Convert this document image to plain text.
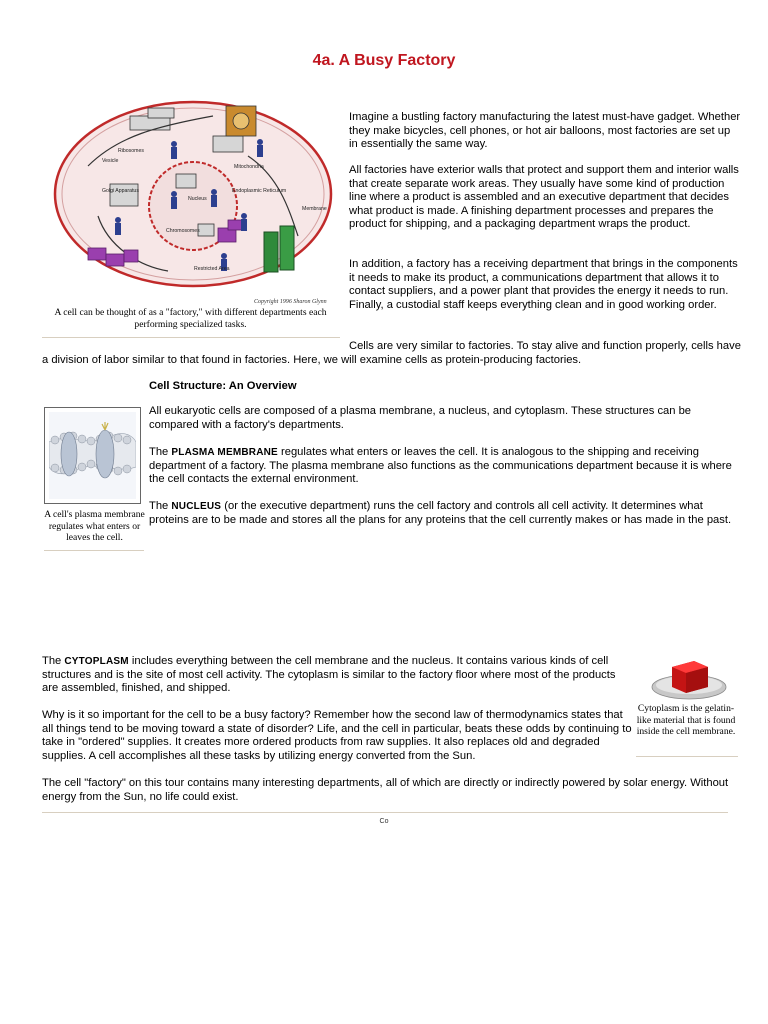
4a. A Busy Factory
Ribosomes
Mitochondria
Golgi Apparatus
Nucleus
Endoplasmic Reticulum
Membrane
Chromosomes
Restricted Area
Vesicle
Copyright 1996 Sharon Glynn

A cell can be thought of as a "factory," with different departments each performing specialized tasks.

Imagine a bustling factory manufacturing the latest must-have gadget. Whether they make bicycles, cell phones, or hot air balloons, most factories are set up in essentially the same way.

All factories have exterior walls that protect and support them and interior walls that create separate work areas. They usually have some kind of production line where a product is assembled and an executive department that decides what product is made. A finishing department processes and prepares the product for shipping, and a packaging department wraps the product.

In addition, a factory has a receiving department that brings in the components it needs to make its product, a communications department that allows it to contact suppliers, and a power plant that provides the energy it needs to run. Finally, a custodial staff keeps everything clean and in good working order.

Cells are very similar to factories. To stay alive and function properly, cells have a division of labor similar to that found in factories. Here, we will examine cells as protein-producing factories.

Cell Structure: An Overview

A cell's plasma membrane regulates what enters or leaves the cell.

All eukaryotic cells are composed of a plasma membrane, a nucleus, and cytoplasm. These structures can be compared with a factory's departments.

The PLASMA MEMBRANE regulates what enters or leaves the cell. It is analogous to the shipping and receiving department of a factory. The plasma membrane also functions as the communications department because it is where the cell contacts the external environment.

The NUCLEUS (or the executive department) runs the cell factory and controls all cell activity. It determines what proteins are to be made and stores all the plans for any proteins that the cell currently makes or has made in the past.

The CYTOPLASM includes everything between the cell membrane and the nucleus. It contains various kinds of cell structures and is the site of most cell activity. The cytoplasm is similar to the factory floor where most of the products are assembled, finished, and shipped.

Why is it so important for the cell to be a busy factory? Remember how the second law of thermodynamics states that all things tend to be moving toward a state of disorder? Life, and the cell in particular, beats these odds by continuing to take in "ordered" supplies. It creates more ordered products from raw supplies. It also replaces old and degraded supplies. A cell accomplishes all these tasks by utilizing energy converted from the Sun.

Cytoplasm is the gelatin-like material that is found inside the cell membrane.

The cell "factory" on this tour contains many interesting departments, all of which are directly or indirectly powered by solar energy. Without energy from the Sun, no life could exist.

Co
